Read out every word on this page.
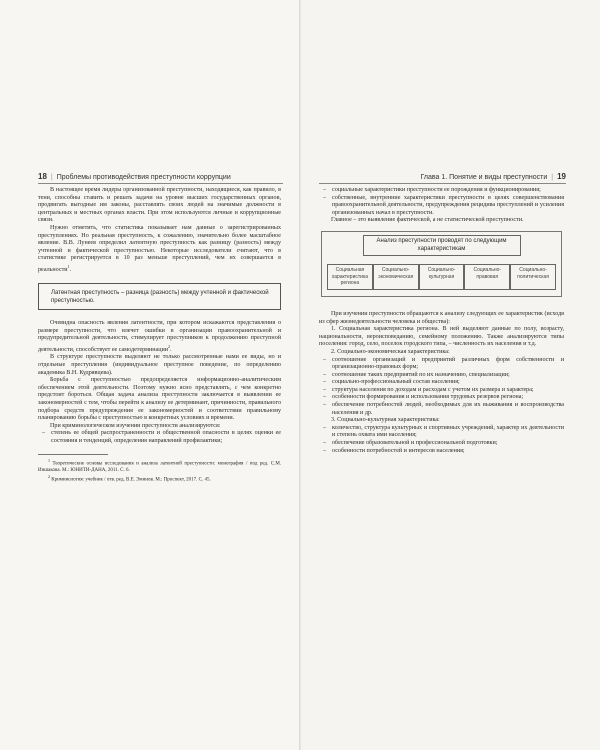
18 | Проблемы противодействия преступности коррупции

В настоящее время лидеры организованной преступности, находящиеся, как правило, в тени, способны ставить и решать задачи на уровне высших государственных органов, продвигать выгодные им законы, расставлять своих людей на значимые должности в центральных и местных органах власти. При этом используются личные и коррупционные связи.

Нужно отметить, что статистика показывает нам данные о зарегистрированных преступлениях. Но реальная преступность, к сожалению, значительно более масштабное явление. В.В. Лунеев определил латентную преступность как разницу (разность) между учтенной и фактической преступностью. Некоторые исследователи считают, что в статистике регистрируется в 10 раз меньше преступлений, чем их совершается в реальности$^1$.

Латентная преступность – разница (разность) между учтенной и фактической преступностью.

Очевидна опасность явления латентности, при котором искажаются представления о размере преступности, что влечет ошибки в организации правоохранительной и предупредительной деятельности, стимулирует преступников к продолжению преступной деятельности, способствует ее самодетерминации$^2$.

В структуре преступности выделяют не только рассмотренные нами ее виды, но и отдельные преступления (индивидуальное преступное поведение, по определению академика В.Н. Кудрявцева).

Борьба с преступностью предопределяется информационно-аналитическим обеспечением этой деятельности. Поэтому нужно ясно представлять, с чем конкретно предстоит бороться. Общая задача анализа преступности заключается в выявлении ее закономерностей с тем, чтобы перейти к анализу ее детерминант, причинности, правильного подбора средств предупреждения ее закономерностей и соответствии правильному планированию борьбы с преступностью в конкретных условиях и времени.

При криминологическом изучении преступности анализируются:

– степень ее общей распространенности и общественной опасности в целях оценки ее состояния и тенденций, определения направлений профилактики;

$^1$ Теоретические основы исследования и анализа латентной преступности: монография / под ред. С.М. Иншакова. М.: ЮНИТИ-ДАНА, 2011. С. 6.

$^2$ Криминология: учебник / отв. ред. В.Е. Эминов. М.: Проспект, 2017. С. 45.

Глава 1. Понятие и виды преступности | 19

– социальные характеристики преступности ее порождения и функционирования;

– собственные, внутренние характеристики преступности в целях совершенствования правоохранительной деятельности, предупреждения рецидива преступлений и усиления организованных начал в преступности.

Главное – это выявление фактической, а не статистической преступности.

Анализ преступности проводят по следующим характеристикам
Социальная характеристика региона
Социально-экономическая
Социально-культурная
Социально-правовая
Социально-политическая

При изучении преступности обращаются к анализу следующих ее характеристик (исходя из сфер жизнедеятельности человека и общества):

1. Социальная характеристика региона. В ней выделяют данные по полу, возрасту, национальности, вероисповеданию, семейному положению. Также анализируются типы поселения: город, село, поселок городского типа, – численность их населения и т.д.

2. Социально-экономическая характеристика:

– соотношение организаций и предприятий различных форм собственности и организационно-правовых форм;

– соотношение таких предприятий по их назначению, специализации;

– социально-профессиональный состав населения;

– структура населения по доходам и расходам с учетом их размера и характера;

– особенности формирования и использования трудовых резервов региона;

– обеспечение потребностей людей, необходимых для их выживания и воспроизводства населения и др.

3. Социально-культурная характеристика:

– количество, структура культурных и спортивных учреждений, характер их деятельности и степень охвата ими населения;

– обеспечение образовательной и профессиональной подготовки;

– особенности потребностей и интересов населения;
